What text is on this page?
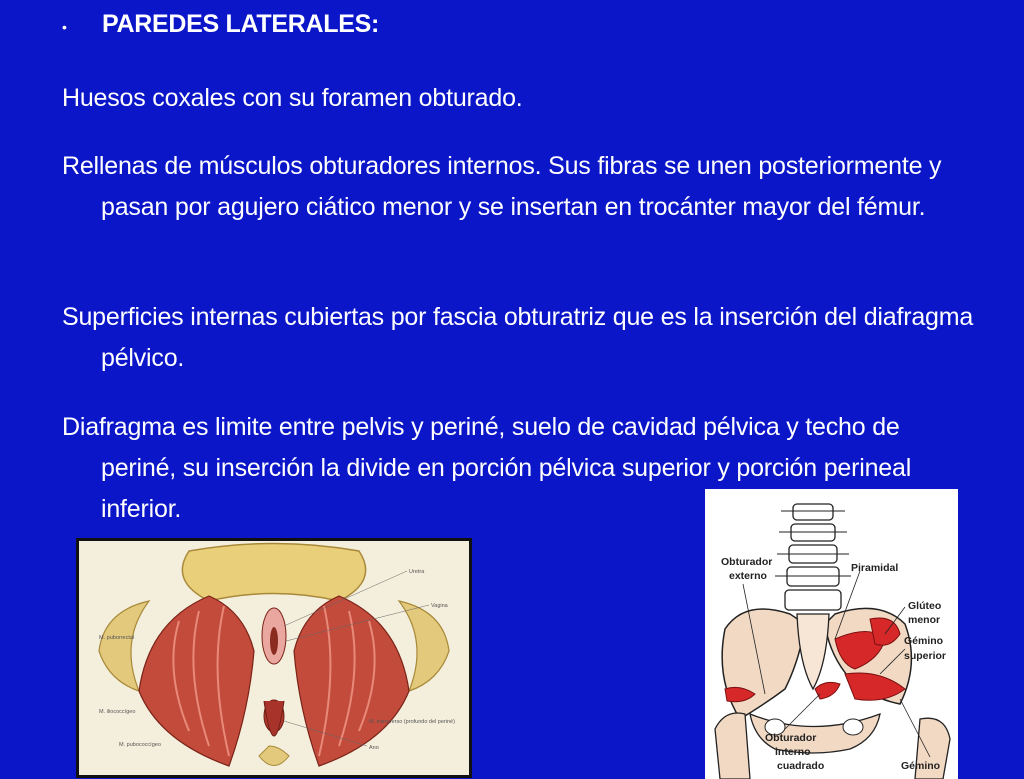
•	PAREDES LATERALES:
Huesos coxales con su foramen obturado.
Rellenas de músculos obturadores internos. Sus fibras se unen posteriormente y pasan por agujero ciático menor y se insertan en trocánter mayor del fémur.
Superficies internas cubiertas por fascia obturatriz que es la inserción del diafragma pélvico.
Diafragma es limite entre pelvis y periné, suelo de cavidad pélvica y techo de periné, su inserción la divide en porción pélvica superior y porción perineal inferior.
Uretra
Vagina
M. puborrectal
M. iliococcígeo
M. pubococcígeo
M. transverso (profundo del periné)
Ano
Obturador
externo
Piramidal
Glúteo
menor
Gémino
superior
Obturador
interno
cuadrado	Gémino
